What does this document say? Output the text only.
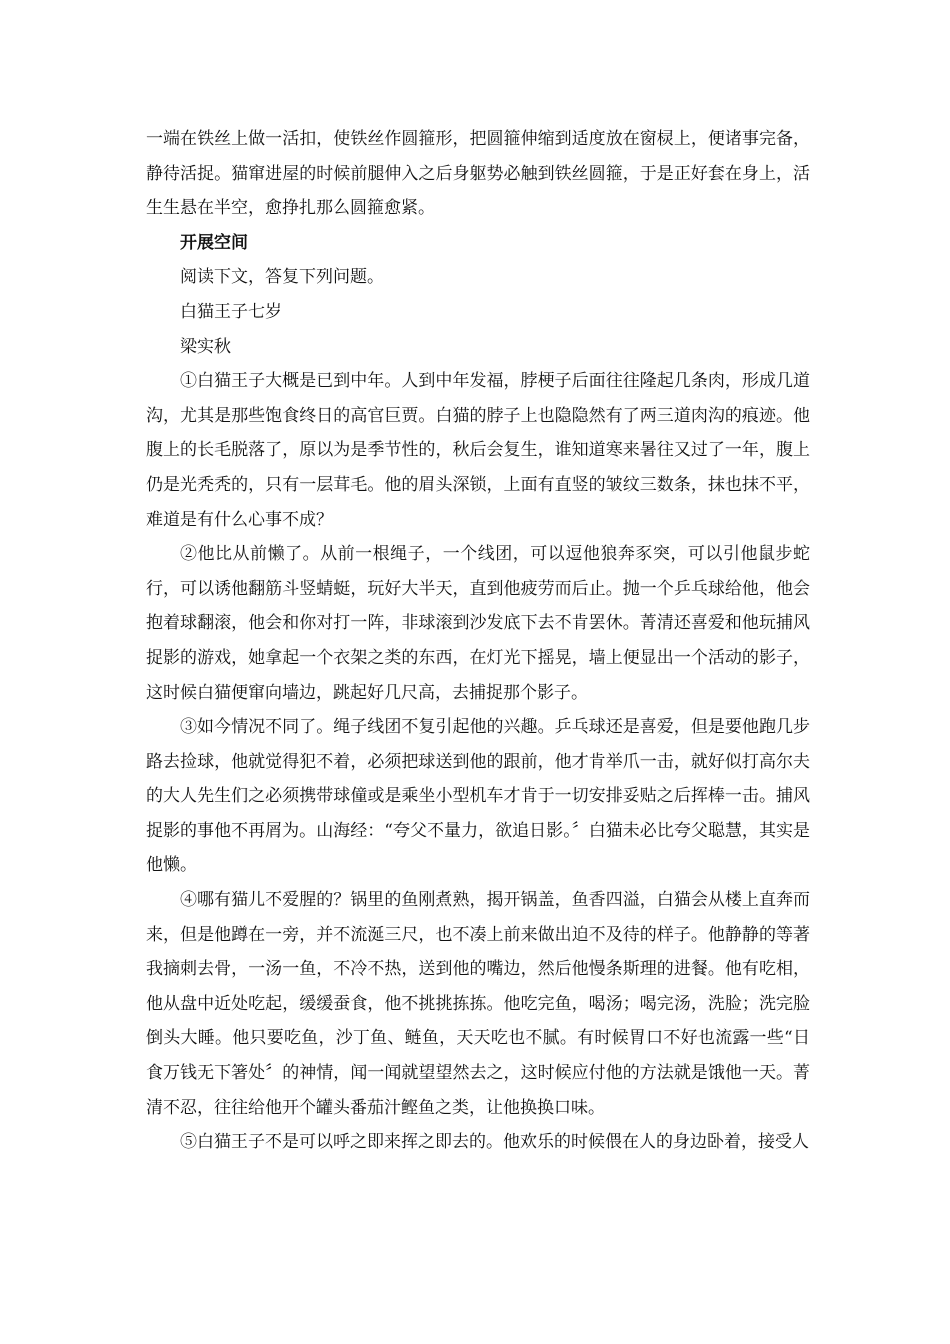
一端在铁丝上做一活扣，使铁丝作圆箍形，把圆箍伸缩到适度放在窗棂上，便诸事完备，静待活捉。猫窜进屋的时候前腿伸入之后身躯势必触到铁丝圆箍，于是正好套在身上，活生生悬在半空，愈挣扎那么圆箍愈紧。

开展空间

阅读下文，答复下列问题。

白猫王子七岁

梁实秋

①白猫王子大概是已到中年。人到中年发福，脖梗子后面往往隆起几条肉，形成几道沟，尤其是那些饱食终日的高官巨贾。白猫的脖子上也隐隐然有了两三道肉沟的痕迹。他腹上的长毛脱落了，原以为是季节性的，秋后会复生，谁知道寒来暑往又过了一年，腹上仍是光秃秃的，只有一层茸毛。他的眉头深锁，上面有直竖的皱纹三数条，抹也抹不平，难道是有什么心事不成？

②他比从前懒了。从前一根绳子，一个线团，可以逗他狼奔豕突，可以引他鼠步蛇行，可以诱他翻筋斗竖蜻蜓，玩好大半天，直到他疲劳而后止。抛一个乒乓球给他，他会抱着球翻滚，他会和你对打一阵，非球滚到沙发底下去不肯罢休。菁清还喜爱和他玩捕风捉影的游戏，她拿起一个衣架之类的东西，在灯光下摇晃，墙上便显出一个活动的影子，这时候白猫便窜向墙边，跳起好几尺高，去捕捉那个影子。

③如今情况不同了。绳子线团不复引起他的兴趣。乒乓球还是喜爱，但是要他跑几步路去捡球，他就觉得犯不着，必须把球送到他的跟前，他才肯举爪一击，就好似打高尔夫的大人先生们之必须携带球僮或是乘坐小型机车才肯于一切安排妥贴之后挥棒一击。捕风捉影的事他不再屑为。山海经：“夸父不量力，欲追日影。〞白猫未必比夸父聪慧，其实是他懒。

④哪有猫儿不爱腥的？锅里的鱼刚煮熟，揭开锅盖，鱼香四溢，白猫会从楼上直奔而来，但是他蹲在一旁，并不流涎三尺，也不凑上前来做出迫不及待的样子。他静静的等著我摘刺去骨，一汤一鱼，不冷不热，送到他的嘴边，然后他慢条斯理的进餐。他有吃相，他从盘中近处吃起，缓缓蚕食，他不挑挑拣拣。他吃完鱼，喝汤；喝完汤，洗脸；洗完脸倒头大睡。他只要吃鱼，沙丁鱼、鲢鱼，天天吃也不腻。有时候胃口不好也流露一些“日食万钱无下箸处〞的神情，闻一闻就望望然去之，这时候应付他的方法就是饿他一天。菁清不忍，往往给他开个罐头番茄汁鲣鱼之类，让他换换口味。

⑤白猫王子不是可以呼之即来挥之即去的。他欢乐的时候偎在人的身边卧着，接受人
